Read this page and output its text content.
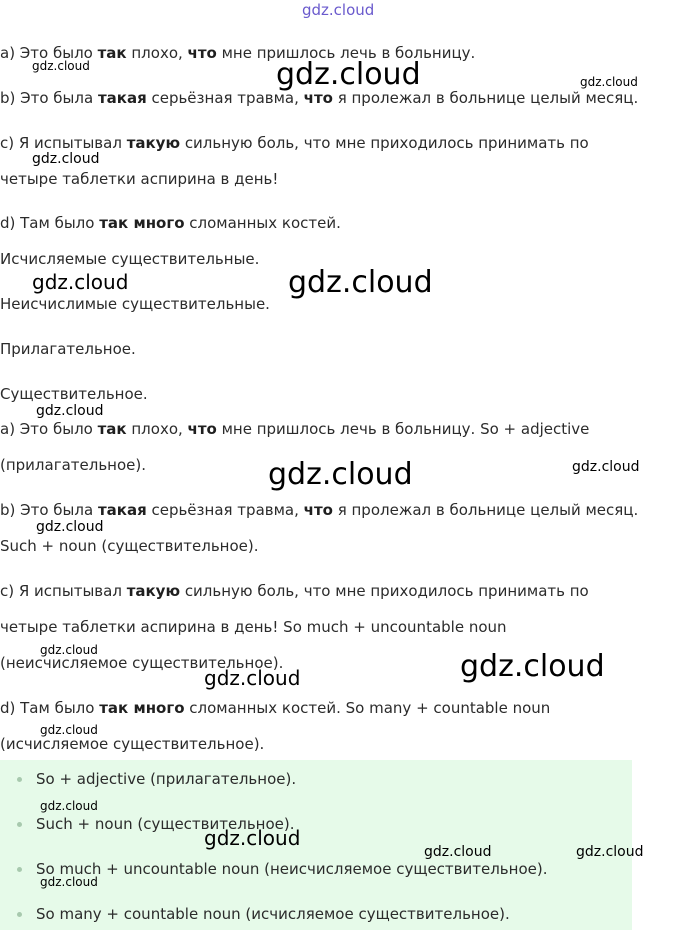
gdz.cloud
a) Это было так плохо, что мне пришлось лечь в больницу.
b) Это была такая серьёзная травма, что я пролежал в больнице целый месяц.
c) Я испытывал такую сильную боль, что мне приходилось принимать по
четыре таблетки аспирина в день!
d) Там было так много сломанных костей.
Исчисляемые существительные.
Неисчислимые существительные.
Прилагательное.
Существительное.
a) Это было так плохо, что мне пришлось лечь в больницу. So + adjective
(прилагательное).
b) Это была такая серьёзная травма, что я пролежал в больнице целый месяц.
Such + noun (существительное).
c) Я испытывал такую сильную боль, что мне приходилось принимать по
четыре таблетки аспирина в день! So much + uncountable noun
(неисчисляемое существительное).
d) Там было так много сломанных костей. So many + countable noun
(исчисляемое существительное).
So + adjective (прилагательное).
Such + noun (существительное).
So much + uncountable noun (неисчисляемое существительное).
So many + countable noun (исчисляемое существительное).
gdz.cloud	gdz.cloud	gdz.cloud
gdz.cloud
gdz.cloud	gdz.cloud
gdz.cloud
gdz.cloud	gdz.cloud
gdz.cloud
gdz.cloud
gdz.cloud	gdz.cloud
gdz.cloud
gdz.cloud
gdz.cloud
gdz.cloud	gdz.cloud
gdz.cloud
